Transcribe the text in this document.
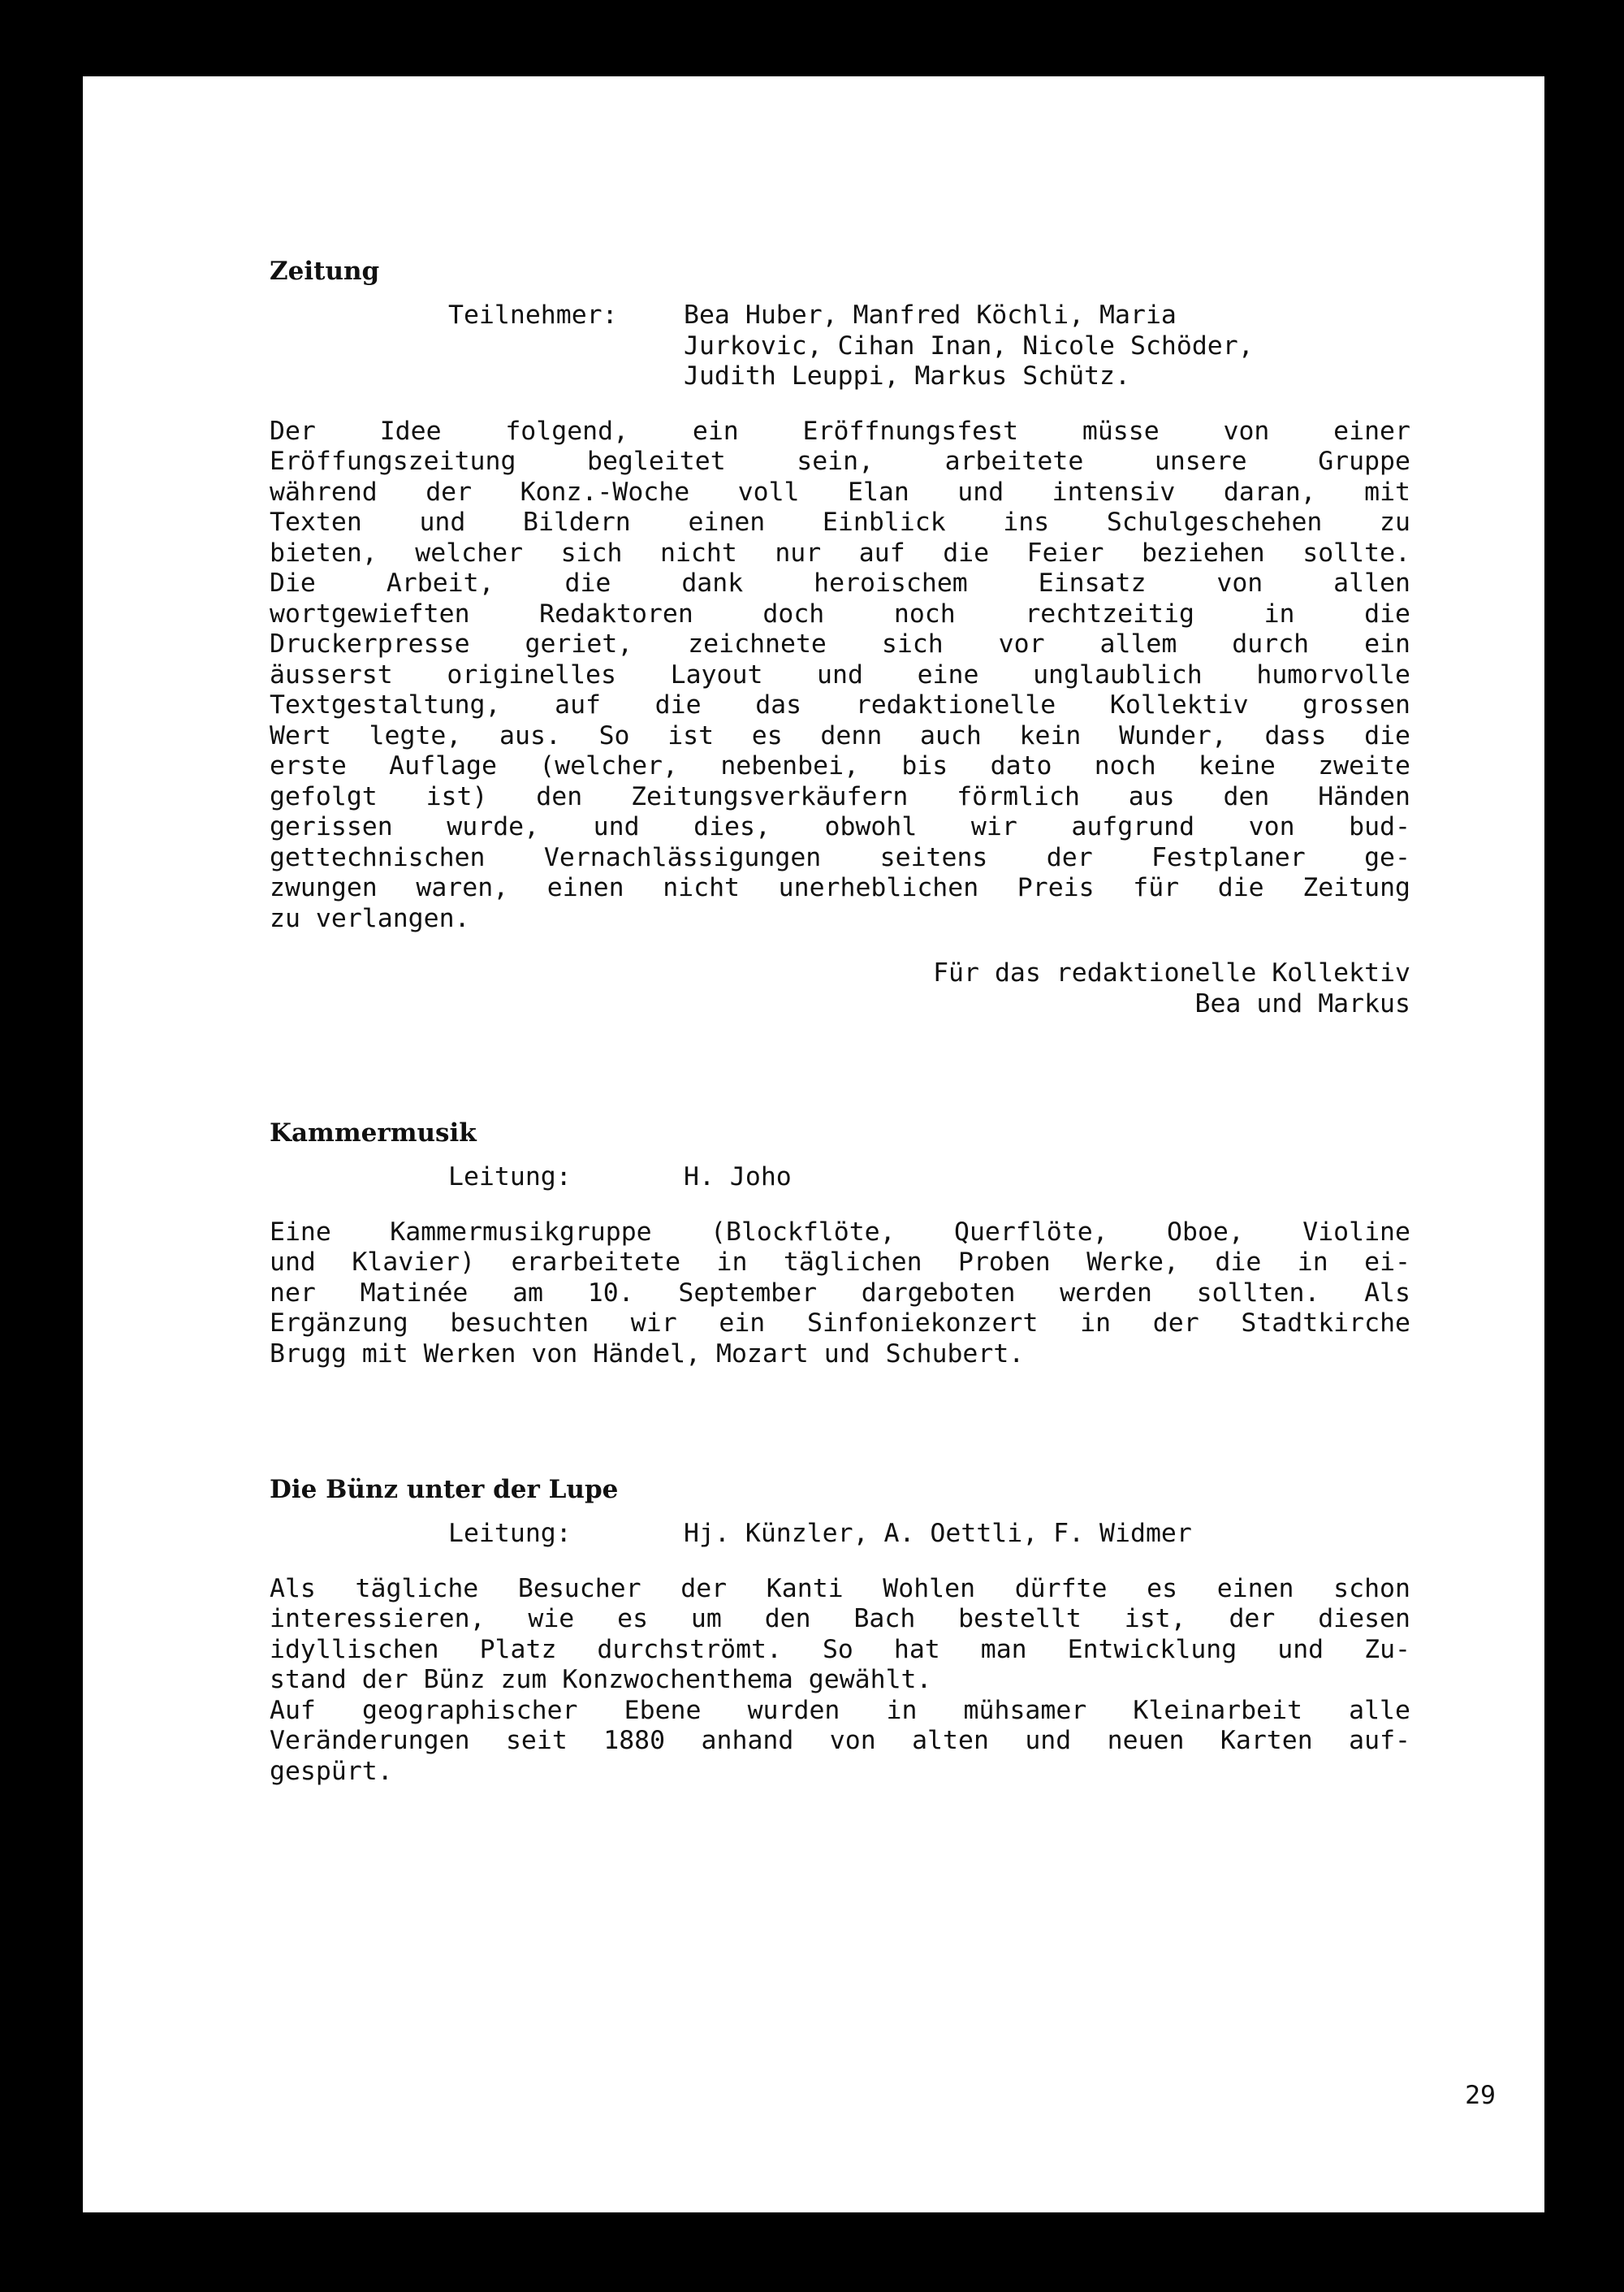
Zeitung
Teilnehmer:	Bea Huber, Manfred Köchli, Maria
Jurkovic, Cihan Inan, Nicole Schöder,
Judith Leuppi, Markus Schütz.
Der Idee folgend, ein Eröffnungsfest müsse von einer
Eröffungszeitung begleitet sein, arbeitete unsere Gruppe
während der Konz.-Woche voll Elan und intensiv daran, mit
Texten und Bildern einen Einblick ins Schulgeschehen zu
bieten, welcher sich nicht nur auf die Feier beziehen sollte.
Die Arbeit, die dank heroischem Einsatz von allen
wortgewieften Redaktoren doch noch rechtzeitig in die
Druckerpresse geriet, zeichnete sich vor allem durch ein
äusserst originelles Layout und eine unglaublich humorvolle
Textgestaltung, auf die das redaktionelle Kollektiv grossen
Wert legte, aus. So ist es denn auch kein Wunder, dass die
erste Auflage (welcher, nebenbei, bis dato noch keine zweite
gefolgt ist) den Zeitungsverkäufern förmlich aus den Händen
gerissen wurde, und dies, obwohl wir aufgrund von bud-
gettechnischen Vernachlässigungen seitens der Festplaner ge-
zwungen waren, einen nicht unerheblichen Preis für die Zeitung
zu verlangen.
Für das redaktionelle Kollektiv
Bea und Markus
Kammermusik
Leitung:	H. Joho
Eine Kammermusikgruppe (Blockflöte, Querflöte, Oboe, Violine
und Klavier) erarbeitete in täglichen Proben Werke, die in ei-
ner Matinée am 10. September dargeboten werden sollten. Als
Ergänzung besuchten wir ein Sinfoniekonzert in der Stadtkirche
Brugg mit Werken von Händel, Mozart und Schubert.
Die Bünz unter der Lupe
Leitung:	Hj. Künzler, A. Oettli, F. Widmer
Als tägliche Besucher der Kanti Wohlen dürfte es einen schon
interessieren, wie es um den Bach bestellt ist, der diesen
idyllischen Platz durchströmt. So hat man Entwicklung und Zu-
stand der Bünz zum Konzwochenthema gewählt.
Auf geographischer Ebene wurden in mühsamer Kleinarbeit alle
Veränderungen seit 1880 anhand von alten und neuen Karten auf-
gespürt.
29
